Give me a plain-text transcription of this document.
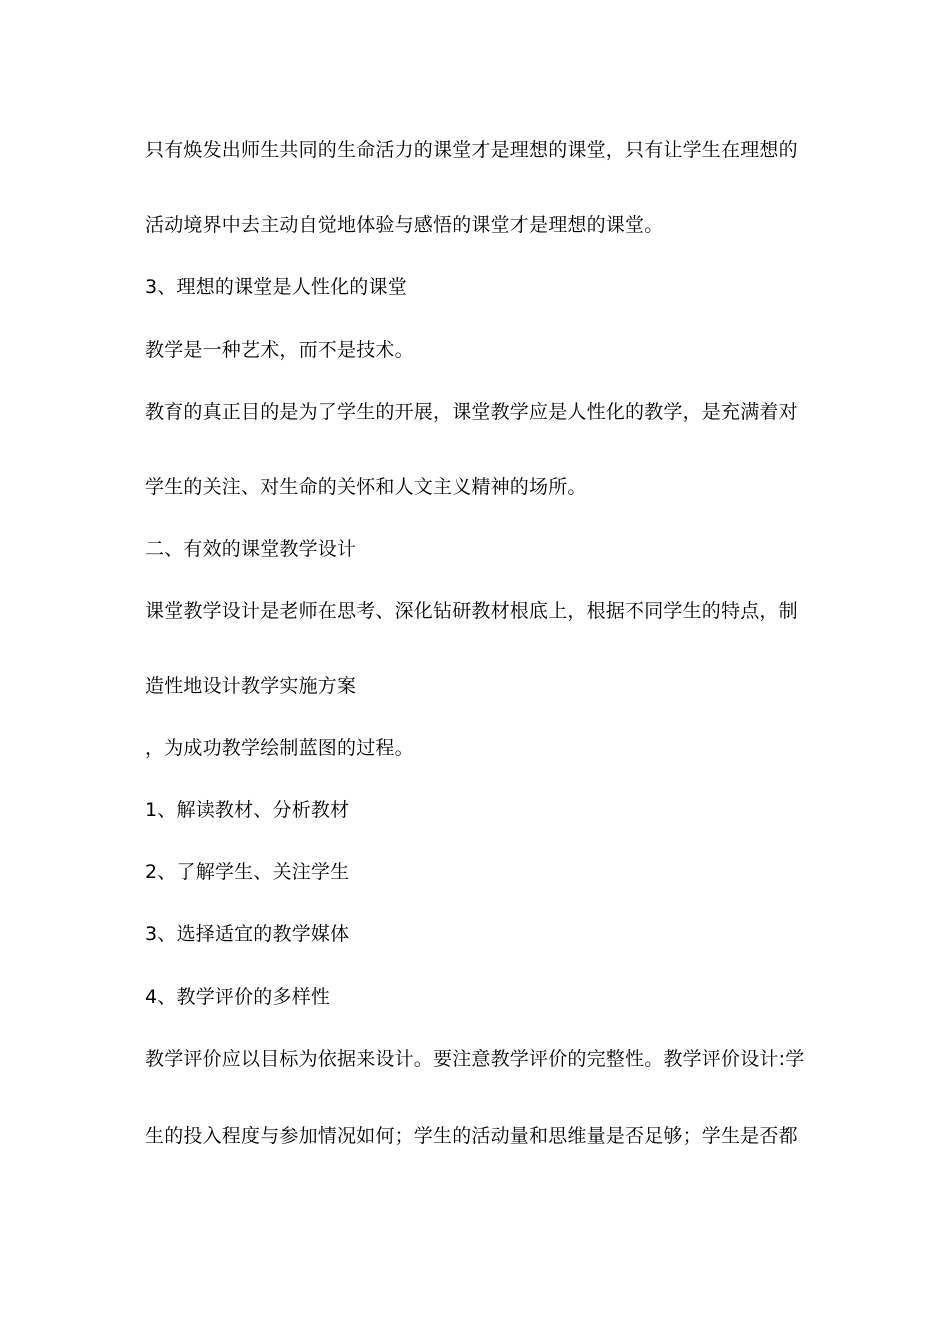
只有焕发出师生共同的生命活力的课堂才是理想的课堂，只有让学生在理想的
活动境界中去主动自觉地体验与感悟的课堂才是理想的课堂。
3、理想的课堂是人性化的课堂
教学是一种艺术，而不是技术。
教育的真正目的是为了学生的开展，课堂教学应是人性化的教学，是充满着对
学生的关注、对生命的关怀和人文主义精神的场所。
二、有效的课堂教学设计
课堂教学设计是老师在思考、深化钻研教材根底上，根据不同学生的特点，制
造性地设计教学实施方案
，为成功教学绘制蓝图的过程。
1、解读教材、分析教材
2、了解学生、关注学生
3、选择适宜的教学媒体
4、教学评价的多样性
教学评价应以目标为依据来设计。要注意教学评价的完整性。教学评价设计:学
生的投入程度与参加情况如何；学生的活动量和思维量是否足够；学生是否都
